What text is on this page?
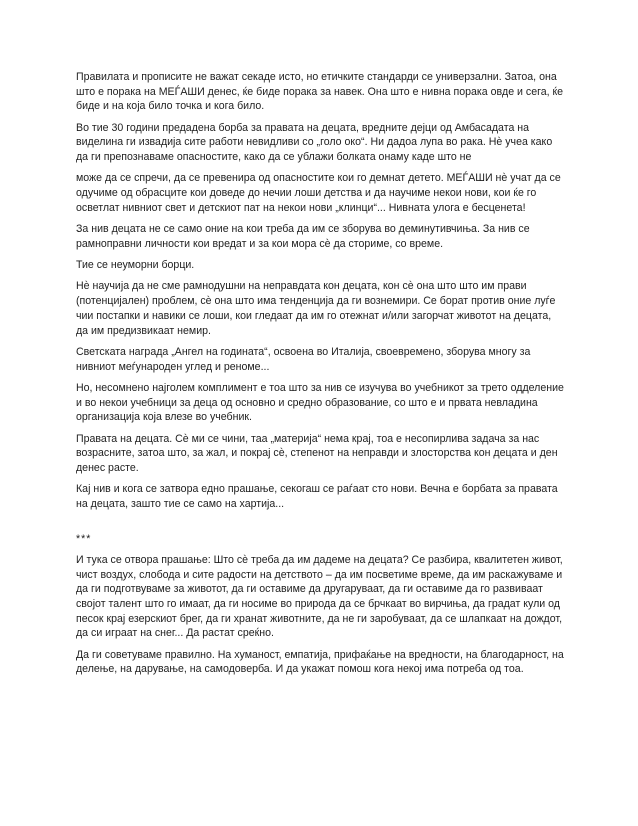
Правилата и прописите не важат секаде исто, но етичките стандарди се универзални. Затоа, она што е порака на МЕЃАШИ денес, ќе биде порака за навек. Она што е нивна порака овде и сега, ќе биде и на која било точка и кога било.

Во тие 30 години предадена борба за правата на децата, вредните дејци од Амбасадата на виделина ги извадија сите работи невидливи со „голо око“. Ни дадоа лупа во рака. Нѐ учеа како да ги препознаваме опасностите, како да се ублажи болката онаму каде што не

може да се спречи, да се превенира од опасностите кои го демнат детето. МЕЃАШИ нѐ учат да се одучиме од обрасците кои доведе до нечии лоши детства и да научиме некои нови, кои ќе го осветлат нивниот свет и детскиот пат на некои нови „клинци“... Нивната улога е бесценета!

За нив децата не се само оние на кои треба да им се зборува во деминутивчиња. За нив се рамноправни личности кои вредат и за кои мора сѐ да сториме, со време.

Тие се неуморни борци.

Нѐ научија да не сме рамнодушни на неправдата кон децата, кон сѐ она што што им прави (потенцијален) проблем, сѐ она што има тенденција да ги вознемири. Се борат против оние луѓе чии постапки и навики се лоши, кои гледаат да им го отежнат и/или загорчат животот на децата, да им предизвикаат немир.

Светската награда „Ангел на годината“, освоена во Италија, своевремено, зборува многу за нивниот меѓународен углед и реноме...

Но, несомнено најголем комплимент е тоа што за нив се изучува во учебникот за трето одделение и во некои учебници за деца од основно и средно образование, со што е и првата невладина организација која влезе во учебник.

Правата на децата. Сѐ ми се чини, таа „материја“ нема крај, тоа е несопирлива задача за нас возрасните, затоа што, за жал, и покрај сѐ, степенот на неправди и злосторства кон децата и ден денес расте.

Кај нив и кога се затвора едно прашање, секогаш се раѓаат сто нови. Вечна е борбата за правата на децата, зашто тие се само на хартија...

***

И тука се отвора прашање: Што сѐ треба да им дадеме на децата? Се разбира, квалитетен живот, чист воздух, слобода и сите радости на детството – да им посветиме време, да им раскажуваме и да ги подготвуваме за животот, да ги оставиме да другаруваат, да ги оставиме да го развиваат својот талент што го имаат, да ги носиме во природа да се брчкаат во вирчиња, да градат кули од песок крај езерскиот брег, да ги хранат животните, да не ги заробуваат, да се шлапкаат на дождот, да си играат на снег... Да растат среќно.

Да ги советуваме правилно. На хуманост, емпатија, прифаќање на вредности, на благодарност, на делење, на дарување, на самодоверба. И да укажат помош кога некој има потреба од тоа.
